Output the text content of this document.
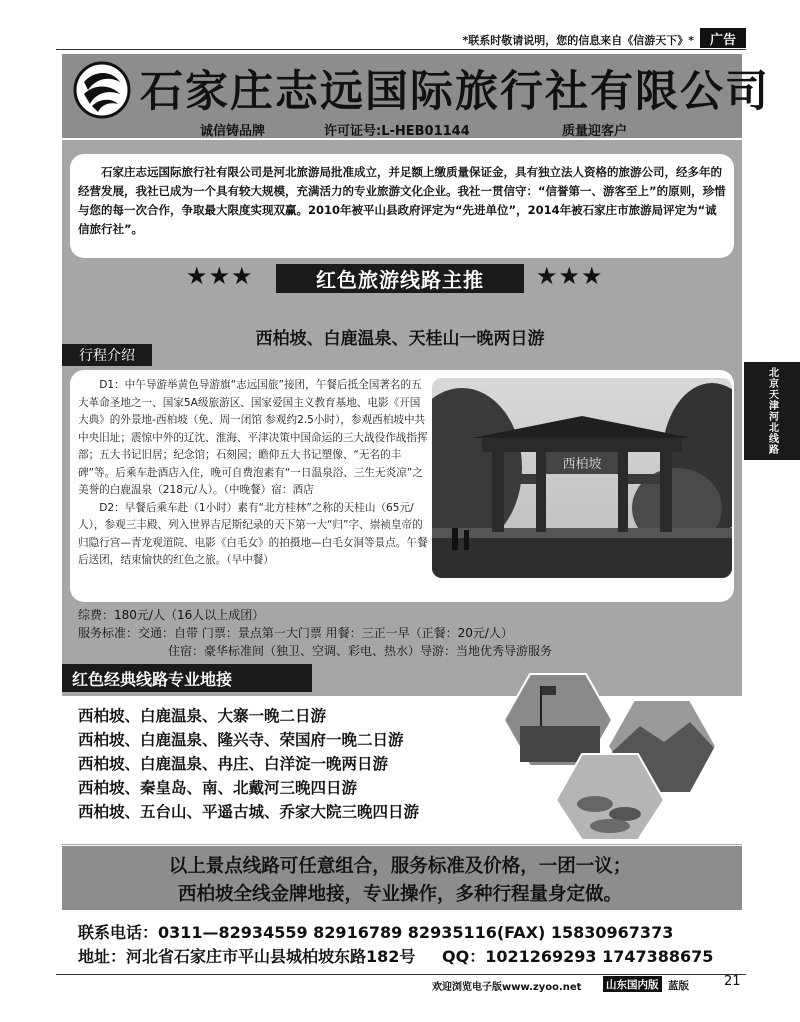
*联系时敬请说明，您的信息来自《信游天下》*	广告
北京天津河北线路
石家庄志远国际旅行社有限公司
诚信铸品牌	许可证号:L-HEB01144	质量迎客户
石家庄志远国际旅行社有限公司是河北旅游局批准成立，并足额上缴质量保证金，具有独立法人资格的旅游公司，经多年的经营发展，我社已成为一个具有较大规模，充满活力的专业旅游文化企业。我社一贯信守：“信誉第一、游客至上”的原则，珍惜与您的每一次合作，争取最大限度实现双赢。2010年被平山县政府评定为“先进单位”，2014年被石家庄市旅游局评定为“诚信旅行社”。
★★★	红色旅游线路主推	★★★
西柏坡、白鹿温泉、天桂山一晚两日游
行程介绍

D1：中午导游举黄色导游旗“志远国旅”接团，午餐后抵全国著名的五大革命圣地之一、国家5A级旅游区、国家爱国主义教育基地、电影《开国大典》的外景地-西柏坡（免、周一闭馆 参观约2.5小时），参观西柏坡中共中央旧址；震惊中外的辽沈、淮海、平津决策中国命运的三大战役作战指挥部；五大书记旧居；纪念馆；石刻园；瞻仰五大书记塑像、“无名的丰碑”等。后乘车赴酒店入住，晚可自费泡素有“一日温泉浴、三生无炎凉”之美誉的白鹿温泉（218元/人）。（中晚餐）宿：酒店

D2：早餐后乘车赴（1小时）素有“北方桂林”之称的天桂山（65元/人），参观三丰殿、列入世界吉尼斯纪录的天下第一大“归”字、崇祯皇帝的归隐行宫—青龙观道院、电影《白毛女》的拍摄地—白毛女洞等景点。午餐后送团，结束愉快的红色之旅。（早中餐）

西柏坡
综费：180元/人（16人以上成团）
服务标准：交通：自带 门票：景点第一大门票 用餐：三正一早（正餐：20元/人）
住宿：豪华标准间（独卫、空调、彩电、热水）导游：当地优秀导游服务
红色经典线路专业地接
西柏坡、白鹿温泉、大寨一晚二日游
西柏坡、白鹿温泉、隆兴寺、荣国府一晚二日游
西柏坡、白鹿温泉、冉庄、白洋淀一晚两日游
西柏坡、秦皇岛、南、北戴河三晚四日游
西柏坡、五台山、平遥古城、乔家大院三晚四日游
以上景点线路可任意组合，服务标准及价格，一团一议；
西柏坡全线金牌地接，专业操作，多种行程量身定做。
联系电话：0311—82934559 82916789 82935116(FAX) 15830967373
地址：河北省石家庄市平山县城柏坡东路182号 QQ：1021269293 1747388675
欢迎浏览电子版www.zyoo.net 山东国内版 蓝版	21
